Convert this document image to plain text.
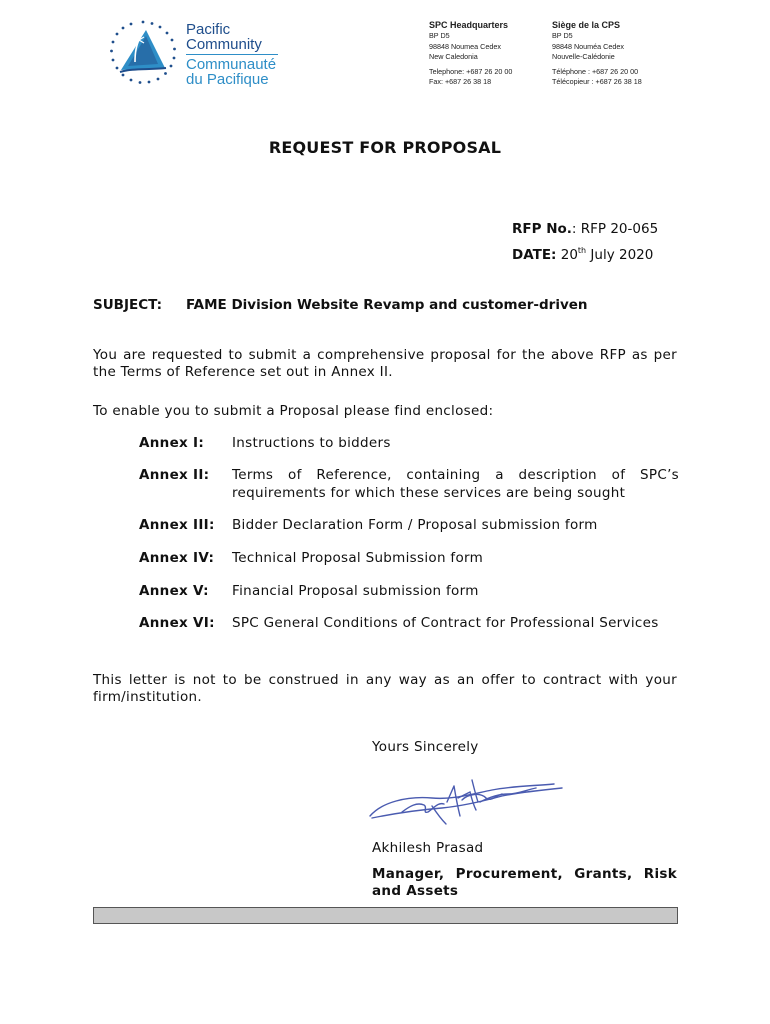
Pacific
Community
Communauté
du Pacifique
SPC Headquarters
BP D5
98848 Noumea Cedex
New Caledonia
Telephone: +687 26 20 00
Fax: +687 26 38 18
Siège de la CPS
BP D5
98848 Nouméa Cedex
Nouvelle-Calédonie
Téléphone : +687 26 20 00
Télécopieur : +687 26 38 18
REQUEST FOR PROPOSAL
RFP No.: RFP 20-065
DATE: 20th July 2020
SUBJECT: FAME Division Website Revamp and customer-driven
You are requested to submit a comprehensive proposal for the above RFP as per the Terms of Reference set out in Annex II.
To enable you to submit a Proposal please find enclosed:
Annex I:	Instructions to bidders
Annex II:	Terms of Reference, containing a description of SPC’s requirements for which these services are being sought
Annex III:	Bidder Declaration Form / Proposal submission form
Annex IV:	Technical Proposal Submission form
Annex V:	Financial Proposal submission form
Annex VI:	SPC General Conditions of Contract for Professional Services
This letter is not to be construed in any way as an offer to contract with your firm/institution.
Yours Sincerely
Akhilesh Prasad
Manager, Procurement, Grants, Risk and Assets
